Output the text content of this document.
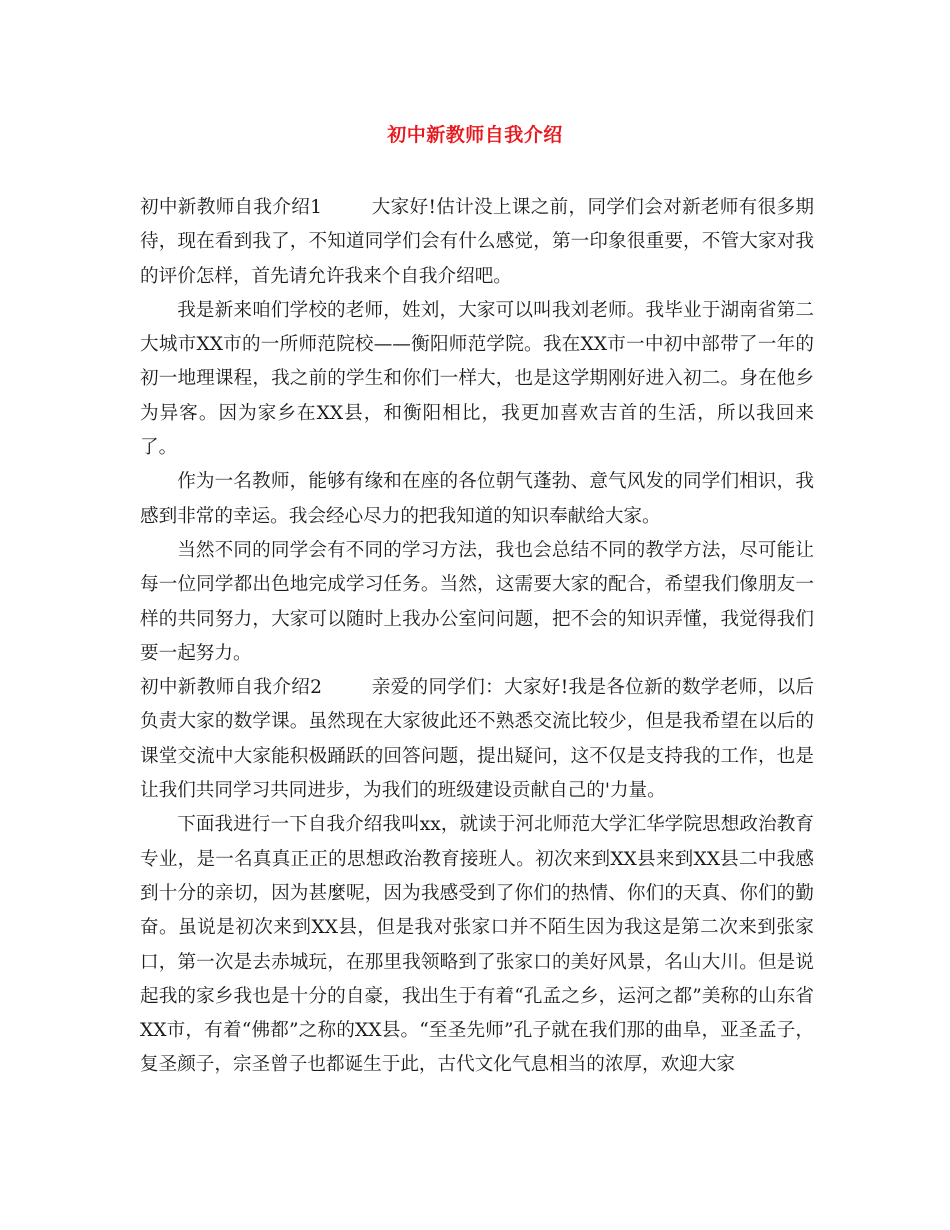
初中新教师自我介绍

初中新教师自我介绍1	大家好!估计没上课之前，同学们会对新老师有很多期待，现在看到我了，不知道同学们会有什么感觉，第一印象很重要，不管大家对我的评价怎样，首先请允许我来个自我介绍吧。

我是新来咱们学校的老师，姓刘，大家可以叫我刘老师。我毕业于湖南省第二大城市XX市的一所师范院校——衡阳师范学院。我在XX市一中初中部带了一年的初一地理课程，我之前的学生和你们一样大，也是这学期刚好进入初二。身在他乡为异客。因为家乡在XX县，和衡阳相比，我更加喜欢吉首的生活，所以我回来了。

作为一名教师，能够有缘和在座的各位朝气蓬勃、意气风发的同学们相识，我感到非常的幸运。我会经心尽力的把我知道的知识奉献给大家。

当然不同的同学会有不同的学习方法，我也会总结不同的教学方法，尽可能让每一位同学都出色地完成学习任务。当然，这需要大家的配合，希望我们像朋友一样的共同努力，大家可以随时上我办公室问问题，把不会的知识弄懂，我觉得我们要一起努力。

初中新教师自我介绍2	亲爱的同学们：大家好!我是各位新的数学老师，以后负责大家的数学课。虽然现在大家彼此还不熟悉交流比较少，但是我希望在以后的课堂交流中大家能积极踊跃的回答问题，提出疑问，这不仅是支持我的工作，也是让我们共同学习共同进步，为我们的班级建设贡献自己的'力量。

下面我进行一下自我介绍我叫xx，就读于河北师范大学汇华学院思想政治教育专业，是一名真真正正的思想政治教育接班人。初次来到XX县来到XX县二中我感到十分的亲切，因为甚麼呢，因为我感受到了你们的热情、你们的天真、你们的勤奋。虽说是初次来到XX县，但是我对张家口并不陌生因为我这是第二次来到张家口，第一次是去赤城玩，在那里我领略到了张家口的美好风景，名山大川。但是说起我的家乡我也是十分的自豪，我出生于有着“孔孟之乡，运河之都”美称的山东省XX市，有着“佛都”之称的XX县。“至圣先师”孔子就在我们那的曲阜，亚圣孟子，复圣颜子，宗圣曾子也都诞生于此，古代文化气息相当的浓厚，欢迎大家
